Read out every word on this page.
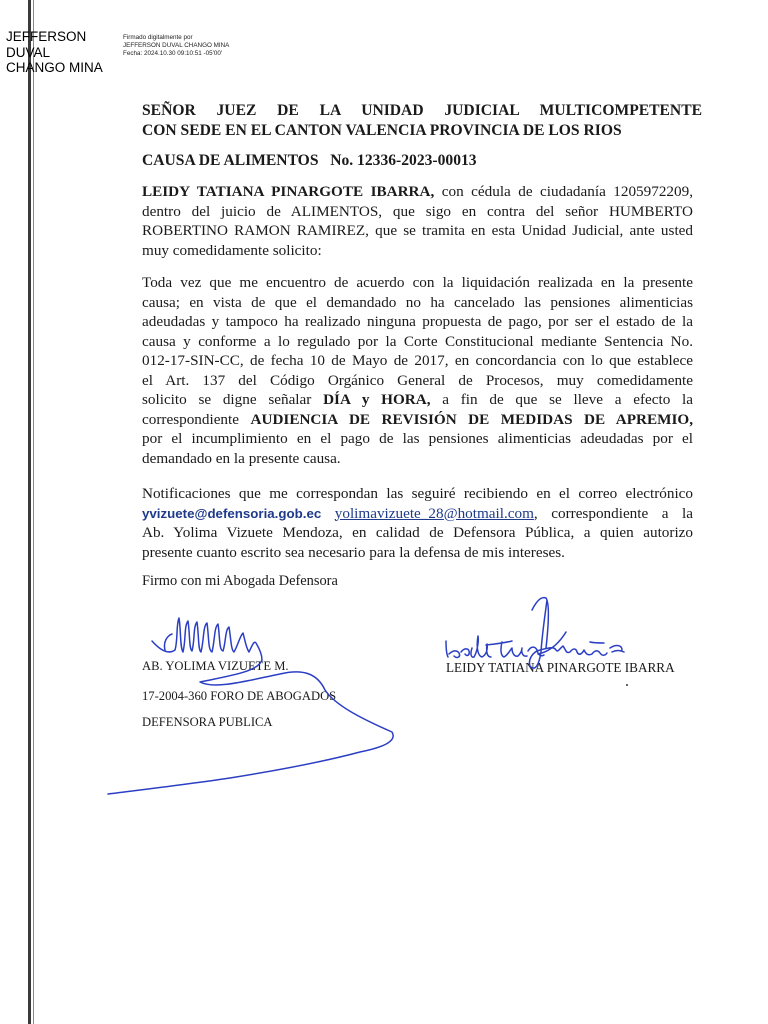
JEFFERSON DUVAL
CHANGO MINA
Firmado digitalmente por
JEFFERSON DUVAL CHANGO MINA
Fecha: 2024.10.30 09:10:51 -05'00'
SEÑOR JUEZ DE LA UNIDAD JUDICIAL MULTICOMPETENTE
CON SEDE EN EL CANTON VALENCIA PROVINCIA DE LOS RIOS
CAUSA DE ALIMENTOS No. 12336-2023-00013
LEIDY TATIANA PINARGOTE IBARRA, con cédula de ciudadanía 1205972209,
dentro del juicio de ALIMENTOS, que sigo en contra del señor HUMBERTO
ROBERTINO RAMON RAMIREZ, que se tramita en esta Unidad Judicial, ante usted
muy comedidamente solicito:
Toda vez que me encuentro de acuerdo con la liquidación realizada en la presente
causa; en vista de que el demandado no ha cancelado las pensiones alimenticias
adeudadas y tampoco ha realizado ninguna propuesta de pago, por ser el estado de la
causa y conforme a lo regulado por la Corte Constitucional mediante Sentencia No.
012-17-SIN-CC, de fecha 10 de Mayo de 2017, en concordancia con lo que establece
el Art. 137 del Código Orgánico General de Procesos, muy comedidamente
solicito se digne señalar DÍA y HORA, a fin de que se lleve a efecto la
correspondiente AUDIENCIA DE REVISIÓN DE MEDIDAS DE APREMIO,
por el incumplimiento en el pago de las pensiones alimenticias adeudadas por el
demandado en la presente causa.
Notificaciones que me correspondan las seguiré recibiendo en el correo electrónico
yvizuete@defensoria.gob.ec yolimavizuete_28@hotmail.com, correspondiente a la
Ab. Yolima Vizuete Mendoza, en calidad de Defensora Pública, a quien autorizo
presente cuanto escrito sea necesario para la defensa de mis intereses.
Firmo con mi Abogada Defensora
AB. YOLIMA VIZUETE M.
17-2004-360 FORO DE ABOGADOS
DEFENSORA PUBLICA
LEIDY TATIANA PINARGOTE IBARRA
